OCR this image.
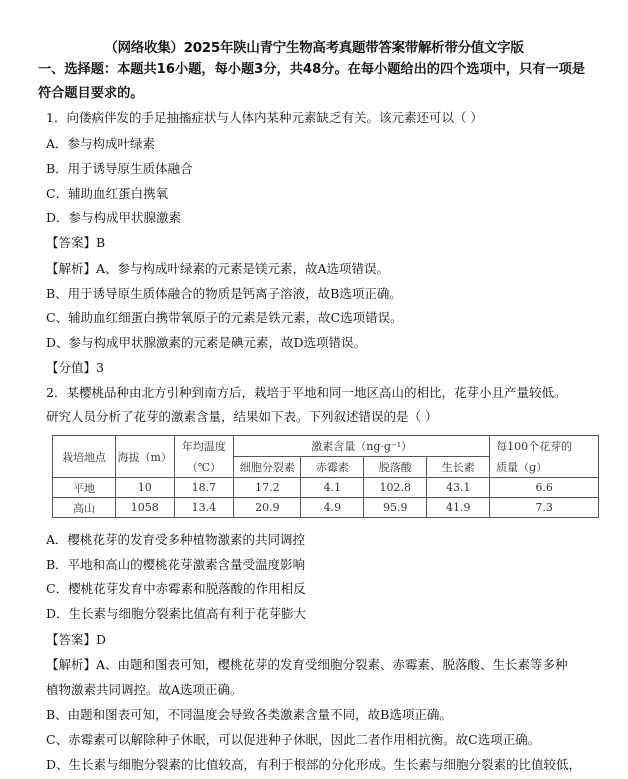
（网络收集）2025年陕山青宁生物高考真题带答案带解析带分值文字版
一、选择题：本题共16小题，每小题3分，共48分。在每小题给出的四个选项中，只有一项是
符合题目要求的。
1．向偻病伴发的手足抽搐症状与人体内某种元素缺乏有关。该元素还可以（ ）
A．参与构成叶绿素
B．用于诱导原生质体融合
C．辅助血红蛋白携氧
D．参与构成甲状腺激素
【答案】B
【解析】A、参与构成叶绿素的元素是镁元素，故A选项错误。
B、用于诱导原生质体融合的物质是钙离子溶液，故B选项正确。
C、辅助血红细蛋白携带氧原子的元素是铁元素，故C选项错误。
D、参与构成甲状腺激素的元素是碘元素，故D选项错误。
【分值】3
2．某樱桃品种由北方引种到南方后，栽培于平地和同一地区高山的相比，花芽小且产量较低。
研究人员分析了花芽的激素含量，结果如下表。下列叙述错误的是（ ）
栽培地点	海拔（m）	年均温度	激素含量（ng·g⁻¹）				每100个花芽的
		（℃）	细胞分裂素	赤霉素	脱落酸	生长素	质量（g）
平地	10	18.7	17.2	4.1	102.8	43.1	6.6
高山	1058	13.4	20.9	4.9	95.9	41.9	7.3
A．樱桃花芽的发育受多种植物激素的共同调控
B．平地和高山的樱桃花芽激素含量受温度影响
C．樱桃花芽发育中赤霉素和脱落酸的作用相反
D．生长素与细胞分裂素比值高有利于花芽膨大
【答案】D
【解析】A、由题和图表可知，樱桃花芽的发育受细胞分裂素、赤霉素、脱落酸、生长素等多种
植物激素共同调控。故A选项正确。
B、由题和图表可知，不同温度会导致各类激素含量不同，故B选项正确。
C、赤霉素可以解除种子休眠，可以促进种子休眠，因此二者作用相抗衡。故C选项正确。
D、生长素与细胞分裂素的比值较高，有利于根部的分化形成。生长素与细胞分裂素的比值较低，
